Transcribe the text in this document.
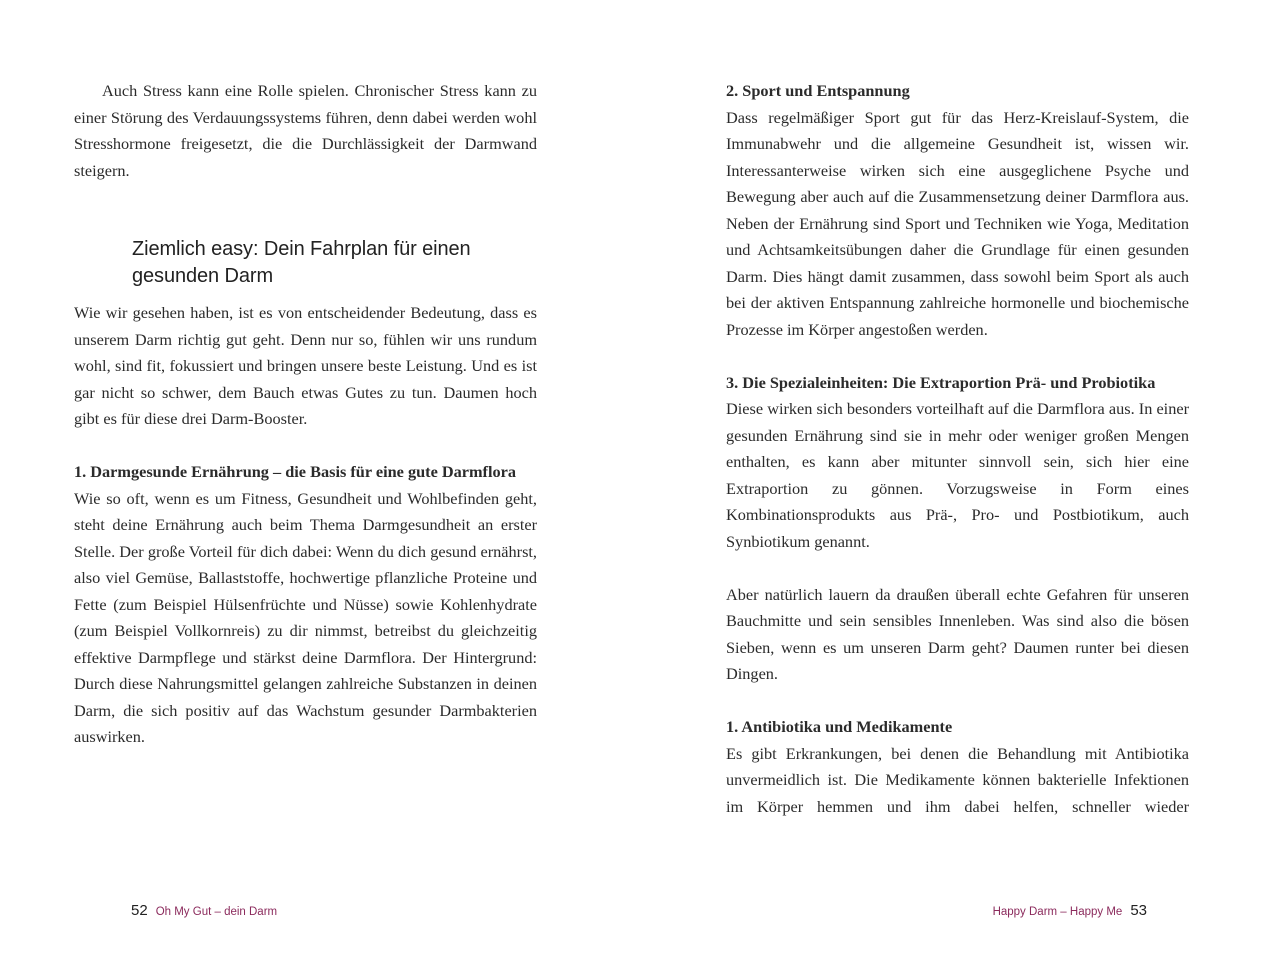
Auch Stress kann eine Rolle spielen. Chronischer Stress kann zu einer Störung des Verdauungssystems führen, denn dabei werden wohl Stresshormone freigesetzt, die die Durchlässigkeit der Darmwand steigern.

Ziemlich easy: Dein Fahrplan für einen gesunden Darm

Wie wir gesehen haben, ist es von entscheidender Bedeutung, dass es unserem Darm richtig gut geht. Denn nur so, fühlen wir uns rundum wohl, sind fit, fokussiert und bringen unsere beste Leistung. Und es ist gar nicht so schwer, dem Bauch etwas Gutes zu tun. Daumen hoch gibt es für diese drei Darm-Booster.

1. Darmgesunde Ernährung – die Basis für eine gute Darmflora

Wie so oft, wenn es um Fitness, Gesundheit und Wohlbefinden geht, steht deine Ernährung auch beim Thema Darmgesundheit an erster Stelle. Der große Vorteil für dich dabei: Wenn du dich gesund ernährst, also viel Gemüse, Ballaststoffe, hochwertige pflanzliche Proteine und Fette (zum Beispiel Hülsenfrüchte und Nüsse) sowie Kohlenhydrate (zum Beispiel Vollkornreis) zu dir nimmst, betreibst du gleichzeitig effektive Darmpflege und stärkst deine Darmflora. Der Hintergrund: Durch diese Nahrungsmittel gelangen zahlreiche Substanzen in deinen Darm, die sich positiv auf das Wachstum gesunder Darmbakterien auswirken.

52 Oh My Gut – dein Darm

2. Sport und Entspannung

Dass regelmäßiger Sport gut für das Herz-Kreislauf-System, die Immunabwehr und die allgemeine Gesundheit ist, wissen wir. Interessanterweise wirken sich eine ausgeglichene Psyche und Bewegung aber auch auf die Zusammensetzung deiner Darmflora aus. Neben der Ernährung sind Sport und Techniken wie Yoga, Meditation und Achtsamkeitsübungen daher die Grundlage für einen gesunden Darm. Dies hängt damit zusammen, dass sowohl beim Sport als auch bei der aktiven Entspannung zahlreiche hormonelle und biochemische Prozesse im Körper angestoßen werden.

3. Die Spezialeinheiten: Die Extraportion Prä- und Probiotika

Diese wirken sich besonders vorteilhaft auf die Darmflora aus. In einer gesunden Ernährung sind sie in mehr oder weniger großen Mengen enthalten, es kann aber mitunter sinnvoll sein, sich hier eine Extraportion zu gönnen. Vorzugsweise in Form eines Kombinationsprodukts aus Prä-, Pro- und Postbiotikum, auch Synbiotikum genannt.

Aber natürlich lauern da draußen überall echte Gefahren für unseren Bauchmitte und sein sensibles Innenleben. Was sind also die bösen Sieben, wenn es um unseren Darm geht? Daumen runter bei diesen Dingen.

1. Antibiotika und Medikamente

Es gibt Erkrankungen, bei denen die Behandlung mit Antibiotika unvermeidlich ist. Die Medikamente können bakterielle Infektionen im Körper hemmen und ihm dabei helfen, schneller wieder

Happy Darm – Happy Me 53
